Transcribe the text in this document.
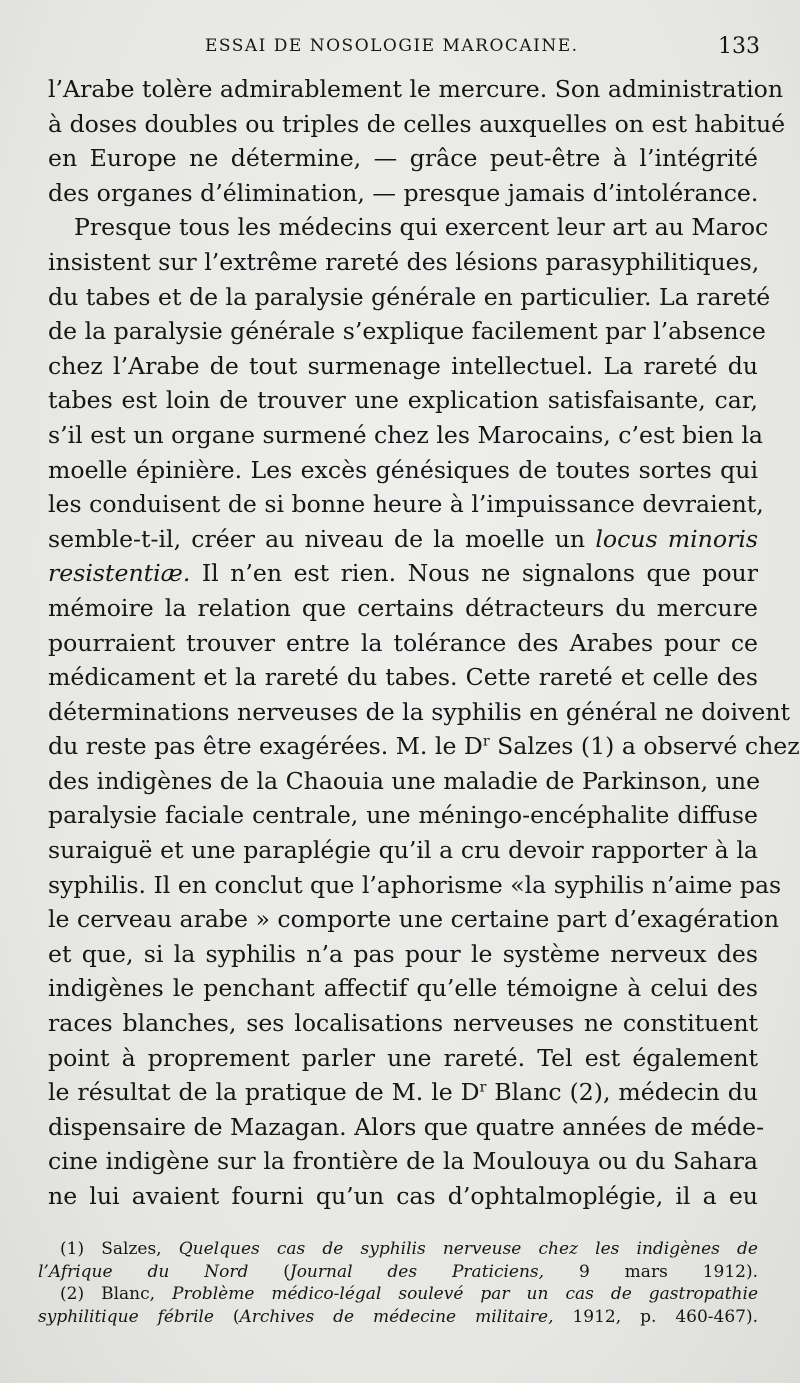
ESSAI DE NOSOLOGIE MAROCAINE.	133
l’Arabe tolère admirablement le mercure. Son administration
à doses doubles ou triples de celles auxquelles on est habitué
en Europe ne détermine, — grâce peut-être à l’intégrité
des organes d’élimination, — presque jamais d’intolérance.
Presque tous les médecins qui exercent leur art au Maroc
insistent sur l’extrême rareté des lésions parasyphilitiques,
du tabes et de la paralysie générale en particulier. La rareté
de la paralysie générale s’explique facilement par l’absence
chez l’Arabe de tout surmenage intellectuel. La rareté du
tabes est loin de trouver une explication satisfaisante, car,
s’il est un organe surmené chez les Marocains, c’est bien la
moelle épinière. Les excès génésiques de toutes sortes qui
les conduisent de si bonne heure à l’impuissance devraient,
semble-t-il, créer au niveau de la moelle un locus minoris
resistentiæ. Il n’en est rien. Nous ne signalons que pour
mémoire la relation que certains détracteurs du mercure
pourraient trouver entre la tolérance des Arabes pour ce
médicament et la rareté du tabes. Cette rareté et celle des
déterminations nerveuses de la syphilis en général ne doivent
du reste pas être exagérées. M. le $D^r$ Salzes (1) a observé chez
des indigènes de la Chaouia une maladie de Parkinson, une
paralysie faciale centrale, une méningo-encéphalite diffuse
suraiguë et une paraplégie qu’il a cru devoir rapporter à la
syphilis. Il en conclut que l’aphorisme «la syphilis n’aime pas
le cerveau arabe » comporte une certaine part d’exagération
et que, si la syphilis n’a pas pour le système nerveux des
indigènes le penchant affectif qu’elle témoigne à celui des
races blanches, ses localisations nerveuses ne constituent
point à proprement parler une rareté. Tel est également
le résultat de la pratique de M. le $D^r$ Blanc (2), médecin du
dispensaire de Mazagan. Alors que quatre années de méde-
cine indigène sur la frontière de la Moulouya ou du Sahara
ne lui avaient fourni qu’un cas d’ophtalmoplégie, il a eu
(1) Salzes, Quelques cas de syphilis nerveuse chez les indigènes de
l’Afrique du Nord (Journal des Praticiens, 9 mars 1912).
(2) Blanc, Problème médico-légal soulevé par un cas de gastropathie
syphilitique fébrile (Archives de médecine militaire, 1912, p. 460-467).
